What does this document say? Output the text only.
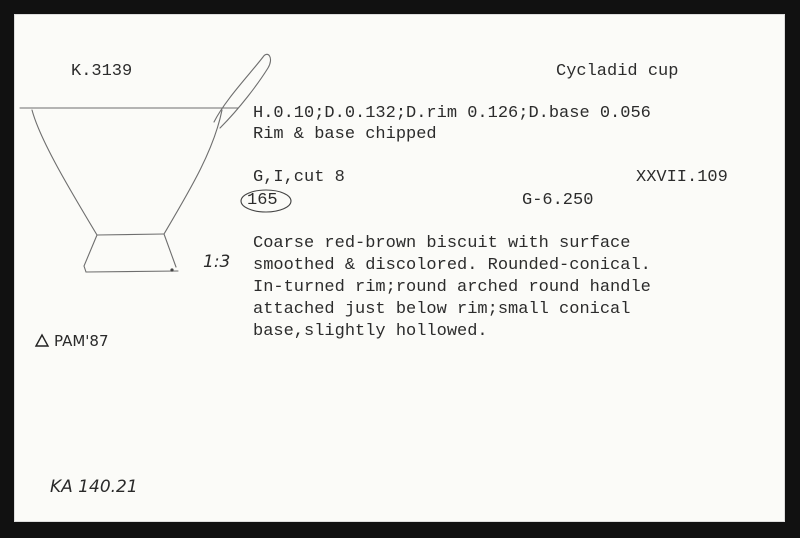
K.3139	Cycladid cup
H.0.10;D.0.132;D.rim 0.126;D.base 0.056
Rim & base chipped
G,I,cut 8	XXVII.109
165	G-6.250
Coarse red-brown biscuit with surface
smoothed & discolored. Rounded-conical.
In-turned rim;round arched round handle
attached just below rim;small conical
base,slightly hollowed.
1:3
PAM'87
KA 140.21
